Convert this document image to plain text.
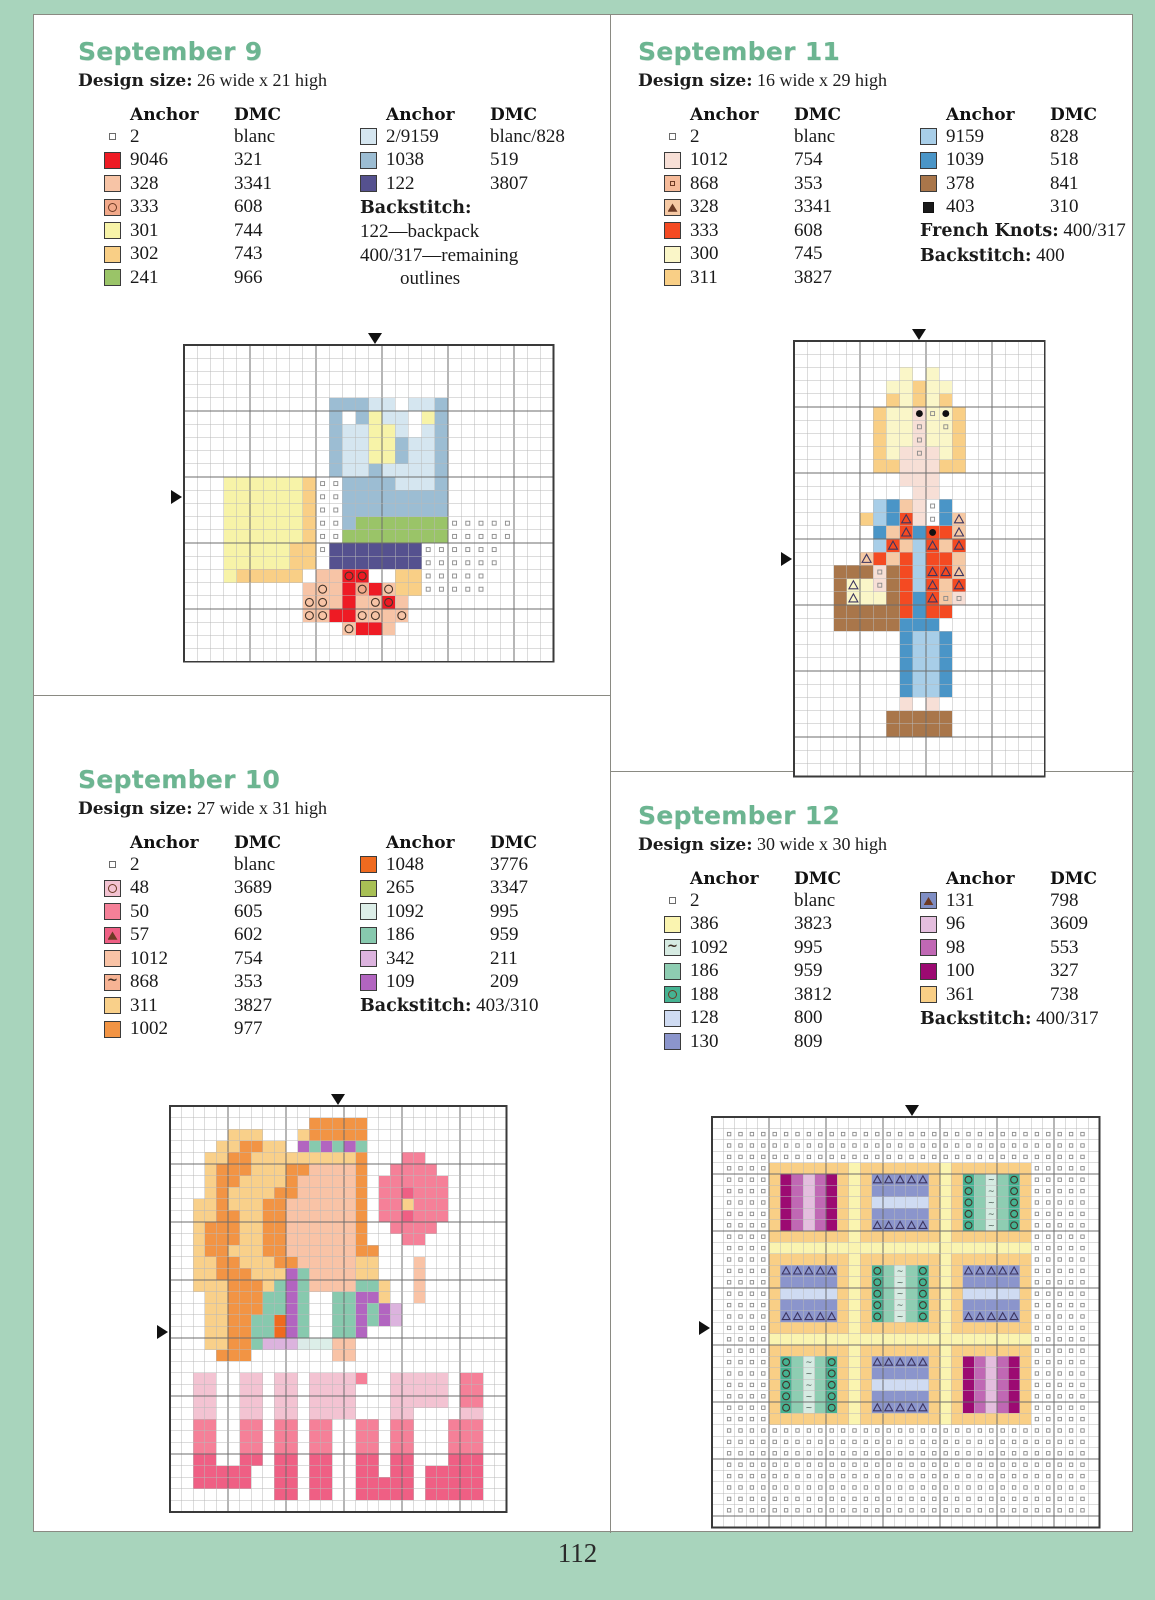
September 9
Design size: 26 wide x 21 high
Anchor	DMC
2	blanc
9046	321
328	3341
333	608
301	744
302	743
241	966
Anchor	DMC
2/9159	blanc/828
1038	519
122	3807
Backstitch:
122—backpack
400/317—remaining
outlines
September 11
Design size: 16 wide x 29 high
Anchor	DMC
2	blanc
1012	754
868	353
328	3341
333	608
300	745
311	3827
Anchor	DMC
9159	828
1039	518
378	841
403	310
French Knots: 400/317
Backstitch: 400
September 10
Design size: 27 wide x 31 high
Anchor	DMC
2	blanc
48	3689
50	605
57	602
1012	754
~ 868	353
311	3827
1002	977
Anchor	DMC
1048	3776
265	3347
1092	995
186	959
342	211
109	209
Backstitch: 403/310
September 12
Design size: 30 wide x 30 high
Anchor	DMC
2	blanc
386	3823
~ 1092	995
186	959
188	3812
128	800
130	809
Anchor	DMC
131	798
96	3609
98	553
100	327
361	738
Backstitch: 400/317
~
~
~
~
~
~
~
~
~
~
~
~
~
~
~
112
